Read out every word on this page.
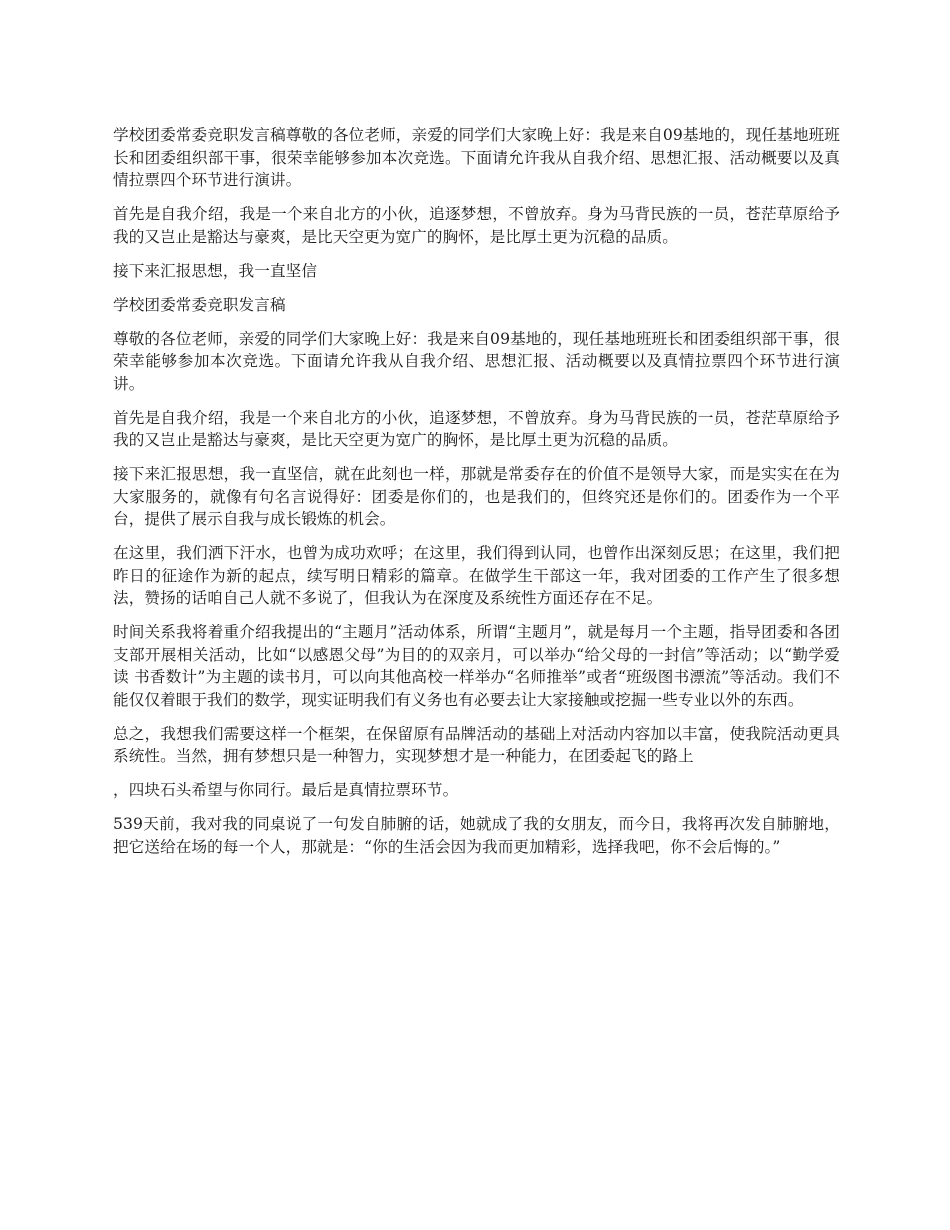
学校团委常委竞职发言稿尊敬的各位老师，亲爱的同学们大家晚上好：我是来自09基地的，现任基地班班长和团委组织部干事，很荣幸能够参加本次竞选。下面请允许我从自我介绍、思想汇报、活动概要以及真情拉票四个环节进行演讲。

首先是自我介绍，我是一个来自北方的小伙，追逐梦想，不曾放弃。身为马背民族的一员，苍茫草原给予我的又岂止是豁达与豪爽，是比天空更为宽广的胸怀，是比厚土更为沉稳的品质。

接下来汇报思想，我一直坚信

学校团委常委竞职发言稿

尊敬的各位老师，亲爱的同学们大家晚上好：我是来自09基地的，现任基地班班长和团委组织部干事，很荣幸能够参加本次竞选。下面请允许我从自我介绍、思想汇报、活动概要以及真情拉票四个环节进行演讲。

首先是自我介绍，我是一个来自北方的小伙，追逐梦想，不曾放弃。身为马背民族的一员，苍茫草原给予我的又岂止是豁达与豪爽，是比天空更为宽广的胸怀，是比厚土更为沉稳的品质。

接下来汇报思想，我一直坚信，就在此刻也一样，那就是常委存在的价值不是领导大家，而是实实在在为大家服务的，就像有句名言说得好：团委是你们的，也是我们的，但终究还是你们的。团委作为一个平台，提供了展示自我与成长锻炼的机会。

在这里，我们洒下汗水，也曾为成功欢呼；在这里，我们得到认同，也曾作出深刻反思；在这里，我们把昨日的征途作为新的起点，续写明日精彩的篇章。在做学生干部这一年，我对团委的工作产生了很多想法，赞扬的话咱自己人就不多说了，但我认为在深度及系统性方面还存在不足。

时间关系我将着重介绍我提出的“主题月”活动体系，所谓“主题月”，就是每月一个主题，指导团委和各团支部开展相关活动，比如“以感恩父母”为目的的双亲月，可以举办“给父母的一封信”等活动；以“勤学爱读 书香数计”为主题的读书月，可以向其他高校一样举办“名师推举”或者“班级图书漂流”等活动。我们不能仅仅着眼于我们的数学，现实证明我们有义务也有必要去让大家接触或挖掘一些专业以外的东西。

总之，我想我们需要这样一个框架，在保留原有品牌活动的基础上对活动内容加以丰富，使我院活动更具系统性。当然，拥有梦想只是一种智力，实现梦想才是一种能力，在团委起飞的路上

，四块石头希望与你同行。最后是真情拉票环节。

539天前，我对我的同桌说了一句发自肺腑的话，她就成了我的女朋友，而今日，我将再次发自肺腑地，把它送给在场的每一个人，那就是：“你的生活会因为我而更加精彩，选择我吧，你不会后悔的。”
